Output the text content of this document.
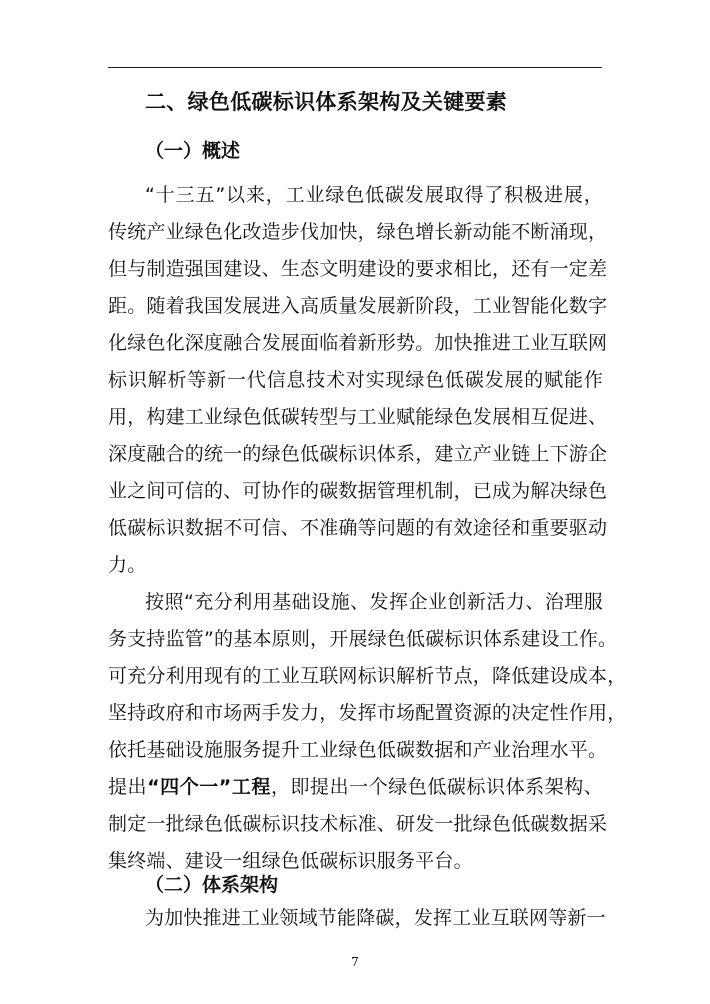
二、绿色低碳标识体系架构及关键要素
（一）概述
“十三五”以来，工业绿色低碳发展取得了积极进展，
传统产业绿色化改造步伐加快，绿色增长新动能不断涌现，
但与制造强国建设、生态文明建设的要求相比，还有一定差
距。随着我国发展进入高质量发展新阶段，工业智能化数字
化绿色化深度融合发展面临着新形势。加快推进工业互联网
标识解析等新一代信息技术对实现绿色低碳发展的赋能作
用，构建工业绿色低碳转型与工业赋能绿色发展相互促进、
深度融合的统一的绿色低碳标识体系，建立产业链上下游企
业之间可信的、可协作的碳数据管理机制，已成为解决绿色
低碳标识数据不可信、不准确等问题的有效途径和重要驱动
力。
按照“充分利用基础设施、发挥企业创新活力、治理服
务支持监管”的基本原则，开展绿色低碳标识体系建设工作。
可充分利用现有的工业互联网标识解析节点，降低建设成本，
坚持政府和市场两手发力，发挥市场配置资源的决定性作用，
依托基础设施服务提升工业绿色低碳数据和产业治理水平。
提出“四个一”工程，即提出一个绿色低碳标识体系架构、
制定一批绿色低碳标识技术标准、研发一批绿色低碳数据采
集终端、建设一组绿色低碳标识服务平台。
（二）体系架构
为加快推进工业领域节能降碳，发挥工业互联网等新一
7
